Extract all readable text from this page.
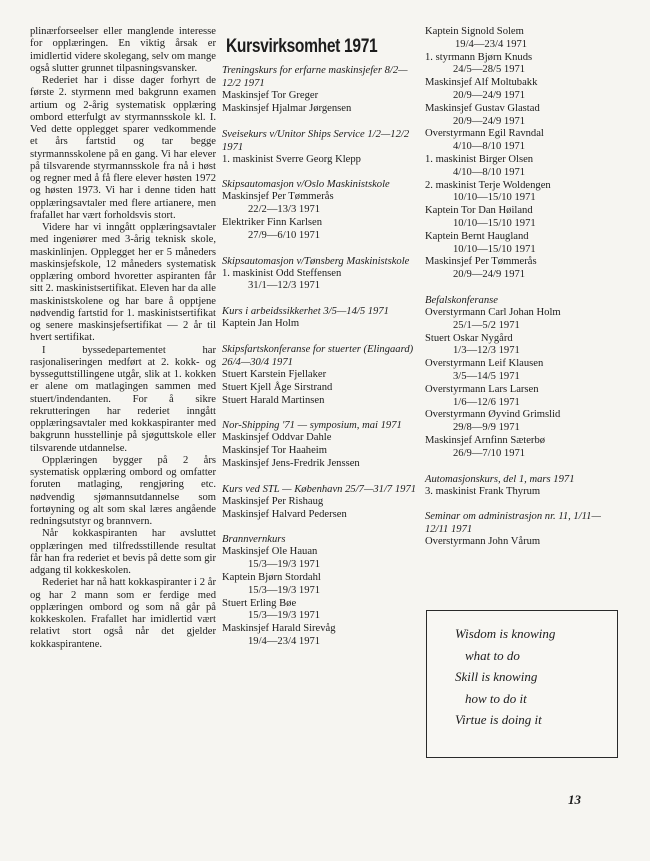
plinærforseelser eller manglende interesse for opplæringen. En viktig årsak er imidlertid videre skolegang, selv om mange også slutter grunnet tilpasningsvansker.

Rederiet har i disse dager forhyrt de første 2. styrmenn med bakgrunn examen artium og 2-årig systematisk opplæring ombord etterfulgt av styrmannsskole kl. I. Ved dette opplegget sparer vedkommende et års fartstid og tar begge styrmannsskolene på en gang. Vi har elever på tilsvarende styrmannsskole fra nå i høst og regner med å få flere elever høsten 1972 og høsten 1973. Vi har i denne tiden hatt opplæringsavtaler med flere artianere, men frafallet har vært forholdsvis stort.

Videre har vi inngått opplæringsavtaler med ingeniører med 3-årig teknisk skole, maskinlinjen. Opplegget her er 5 måneders maskinsjefskole, 12 måneders systematisk opplæring ombord hvoretter aspiranten får sitt 2. maskinistsertifikat. Eleven har da alle maskinistskolene og har bare å opptjene nødvendig fartstid for 1. maskinistsertifikat og senere maskinsjefsertifikat — 2 år til hvert sertifikat.

I byssedepartementet har rasjonaliseringen medført at 2. kokk- og bysseguttstillingene utgår, slik at 1. kokken er alene om matlagingen sammen med stuert/indendanten. For å sikre rekrutteringen har rederiet inngått opplæringsavtaler med kokkaspiranter med bakgrunn husstellinje på sjøguttskole eller tilsvarende utdannelse.

Opplæringen bygger på 2 års systematisk opplæring ombord og omfatter foruten matlaging, rengjøring etc. nødvendig sjømannsutdannelse som fortøyning og alt som skal læres angående redningsutstyr og brannvern.

Når kokkaspiranten har avsluttet opplæringen med tilfredsstillende resultat får han fra rederiet et bevis på dette som gir adgang til kokkeskolen.

Rederiet har nå hatt kokkaspiranter i 2 år og har 2 mann som er ferdige med opplæringen ombord og som nå går på kokkeskolen. Frafallet har imidlertid vært relativt stort også når det gjelder kokkaspirantene.

Kursvirksomhet 1971
Treningskurs for erfarne maskinsjefer 8/2—12/2 1971
Maskinsjef Tor Greger
Maskinsjef Hjalmar Jørgensen
Sveisekurs v/Unitor Ships Service 1/2—12/2 1971
1. maskinist Sverre Georg Klepp
Skipsautomasjon v/Oslo Maskinistskole
Maskinsjef Per Tømmerås
22/2—13/3 1971
Elektriker Finn Karlsen
27/9—6/10 1971
Skipsautomasjon v/Tønsberg Maskinistskole
1. maskinist Odd Steffensen
31/1—12/3 1971
Kurs i arbeidssikkerhet 3/5—14/5 1971
Kaptein Jan Holm
Skipsfartskonferanse for stuerter (Elingaard) 26/4—30/4 1971
Stuert Karstein Fjellaker
Stuert Kjell Åge Sirstrand
Stuert Harald Martinsen
Nor-Shipping '71 — symposium, mai 1971
Maskinsjef Oddvar Dahle
Maskinsjef Tor Haaheim
Maskinsjef Jens-Fredrik Jenssen
Kurs ved STL — København 25/7—31/7 1971
Maskinsjef Per Rishaug
Maskinsjef Halvard Pedersen
Brannvernkurs
Maskinsjef Ole Hauan
15/3—19/3 1971
Kaptein Bjørn Stordahl
15/3—19/3 1971
Stuert Erling Bøe
15/3—19/3 1971
Maskinsjef Harald Sirevåg
19/4—23/4 1971
Kaptein Signold Solem
19/4—23/4 1971
1. styrmann Bjørn Knuds
24/5—28/5 1971
Maskinsjef Alf Moltubakk
20/9—24/9 1971
Maskinsjef Gustav Glastad
20/9—24/9 1971
Overstyrmann Egil Ravndal
4/10—8/10 1971
1. maskinist Birger Olsen
4/10—8/10 1971
2. maskinist Terje Woldengen
10/10—15/10 1971
Kaptein Tor Dan Høiland
10/10—15/10 1971
Kaptein Bernt Haugland
10/10—15/10 1971
Maskinsjef Per Tømmerås
20/9—24/9 1971
Befalskonferanse
Overstyrmann Carl Johan Holm
25/1—5/2 1971
Stuert Oskar Nygård
1/3—12/3 1971
Overstyrmann Leif Klausen
3/5—14/5 1971
Overstyrmann Lars Larsen
1/6—12/6 1971
Overstyrmann Øyvind Grimslid
29/8—9/9 1971
Maskinsjef Arnfinn Sæterbø
26/9—7/10 1971
Automasjonskurs, del 1, mars 1971
3. maskinist Frank Thyrum
Seminar om administrasjon nr. 11, 1/11—12/11 1971
Overstyrmann John Vårum
Wisdom is knowing
what to do
Skill is knowing
how to do it
Virtue is doing it
13
